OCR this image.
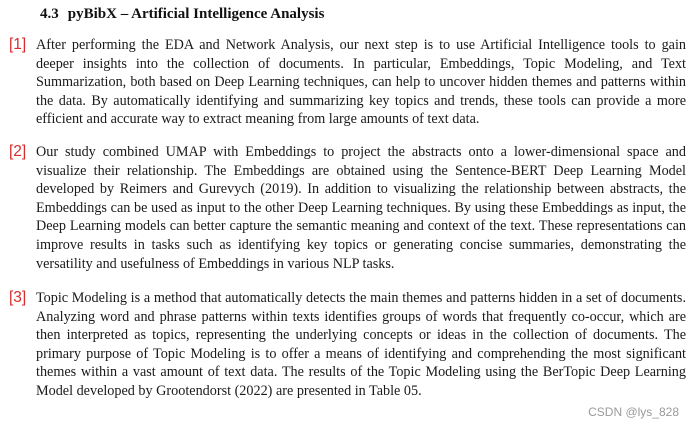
4.3 pyBibX – Artificial Intelligence Analysis

[1] After performing the EDA and Network Analysis, our next step is to use Artificial Intelligence tools to gain deeper insights into the collection of documents. In particular, Embeddings, Topic Modeling, and Text Summarization, both based on Deep Learning techniques, can help to uncover hidden themes and patterns within the data. By automatically identifying and summarizing key topics and trends, these tools can provide a more efficient and accurate way to extract meaning from large amounts of text data.

[2] Our study combined UMAP with Embeddings to project the abstracts onto a lower-dimensional space and visualize their relationship. The Embeddings are obtained using the Sentence-BERT Deep Learning Model developed by Reimers and Gurevych (2019). In addition to visualizing the relationship between abstracts, the Embeddings can be used as input to the other Deep Learning techniques. By using these Embeddings as input, the Deep Learning models can better capture the semantic meaning and context of the text. These representations can improve results in tasks such as identifying key topics or generating concise summaries, demonstrating the versatility and usefulness of Embeddings in various NLP tasks.

[3] Topic Modeling is a method that automatically detects the main themes and patterns hidden in a set of documents. Analyzing word and phrase patterns within texts identifies groups of words that frequently co-occur, which are then interpreted as topics, representing the underlying concepts or ideas in the collection of documents. The primary purpose of Topic Modeling is to offer a means of identifying and comprehending the most significant themes within a vast amount of text data. The results of the Topic Modeling using the BerTopic Deep Learning Model developed by Grootendorst (2022) are presented in Table 05.

CSDN @lys_828
